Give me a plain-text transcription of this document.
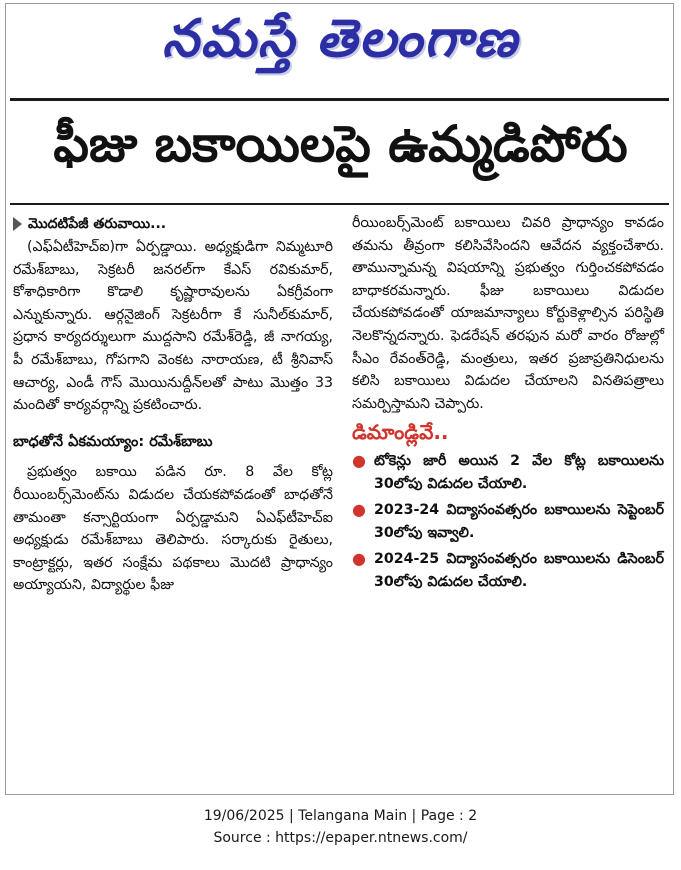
నమస్తే తెలంగాణ
ఫీజు బకాయిలపై ఉమ్మడిపోరు

మొదటిపేజీ తరువాయి...

(ఎఫ్ఏటీహెచ్ఐ)గా ఏర్పడ్డాయి. అధ్యక్షుడిగా నిమ్మటూరి రమేశ్‌బాబు, సెక్రటరీ జనరల్‌గా కేఎస్ రవికుమార్, కోశాధికారిగా కొడాలి కృష్ణారావులను ఏకగ్రీవంగా ఎన్నుకున్నారు. ఆర్గనైజింగ్ సెక్రటరీగా కే సునీల్‌కుమార్, ప్రధాన కార్యదర్శులుగా ముద్దసాని రమేశ్‌రెడ్డి, జీ నాగయ్య, పీ రమేశ్‌బాబు, గోపగాని వెంకట నారాయణ, టీ శ్రీనివాస్ ఆచార్య, ఎండీ గౌస్ మొయినుద్దీన్‌లతో పాటు మొత్తం 33 మందితో కార్యవర్గాన్ని ప్రకటించారు.

బాధతోనే ఏకమయ్యాం: రమేశ్‌బాబు

ప్రభుత్వం బకాయి పడిన రూ. 8 వేల కోట్ల రీయింబర్స్‌మెంట్‌ను విడుదల చేయకపోవడంతో బాధతోనే తామంతా కన్సార్టియంగా ఏర్పడ్డామని ఏఎఫ్‌టీహెచ్ఐ అధ్యక్షుడు రమేశ్‌బాబు తెలిపారు. సర్కారుకు రైతులు, కాంట్రాక్టర్లు, ఇతర సంక్షేమ పథకాలు మొదటి ప్రాధాన్యం అయ్యాయని, విద్యార్థుల ఫీజు

రీయింబర్స్‌మెంట్ బకాయిలు చివరి ప్రాధాన్యం కావడం తమను తీవ్రంగా కలిసివేసిందని ఆవేదన వ్యక్తంచేశారు. తామున్నామన్న విషయాన్ని ప్రభుత్వం గుర్తించకపోవడం బాధాకరమన్నారు. ఫీజు బకాయిలు విడుదల చేయకపోవడంతో యాజమాన్యాలు కోర్టుకెళ్లాల్సిన పరిస్థితి నెలకొన్నదన్నారు. ఫెడరేషన్ తరఫున మరో వారం రోజుల్లో సీఎం రేవంత్‌రెడ్డి, మంత్రులు, ఇతర ప్రజాప్రతినిధులను కలిసి బకాయిలు విడుదల చేయాలని వినతిపత్రాలు సమర్పిస్తామని చెప్పారు.

డిమాండ్లివే..

● టోకెన్లు జారీ అయిన 2 వేల కోట్ల బకాయిలను 30లోపు విడుదల చేయాలి.
● 2023-24 విద్యాసంవత్సరం బకాయిలను సెప్టెంబర్ 30లోపు ఇవ్వాలి.
● 2024-25 విద్యాసంవత్సరం బకాయిలను డిసెంబర్ 30లోపు విడుదల చేయాలి.
19/06/2025 | Telangana Main | Page : 2
Source : https://epaper.ntnews.com/
